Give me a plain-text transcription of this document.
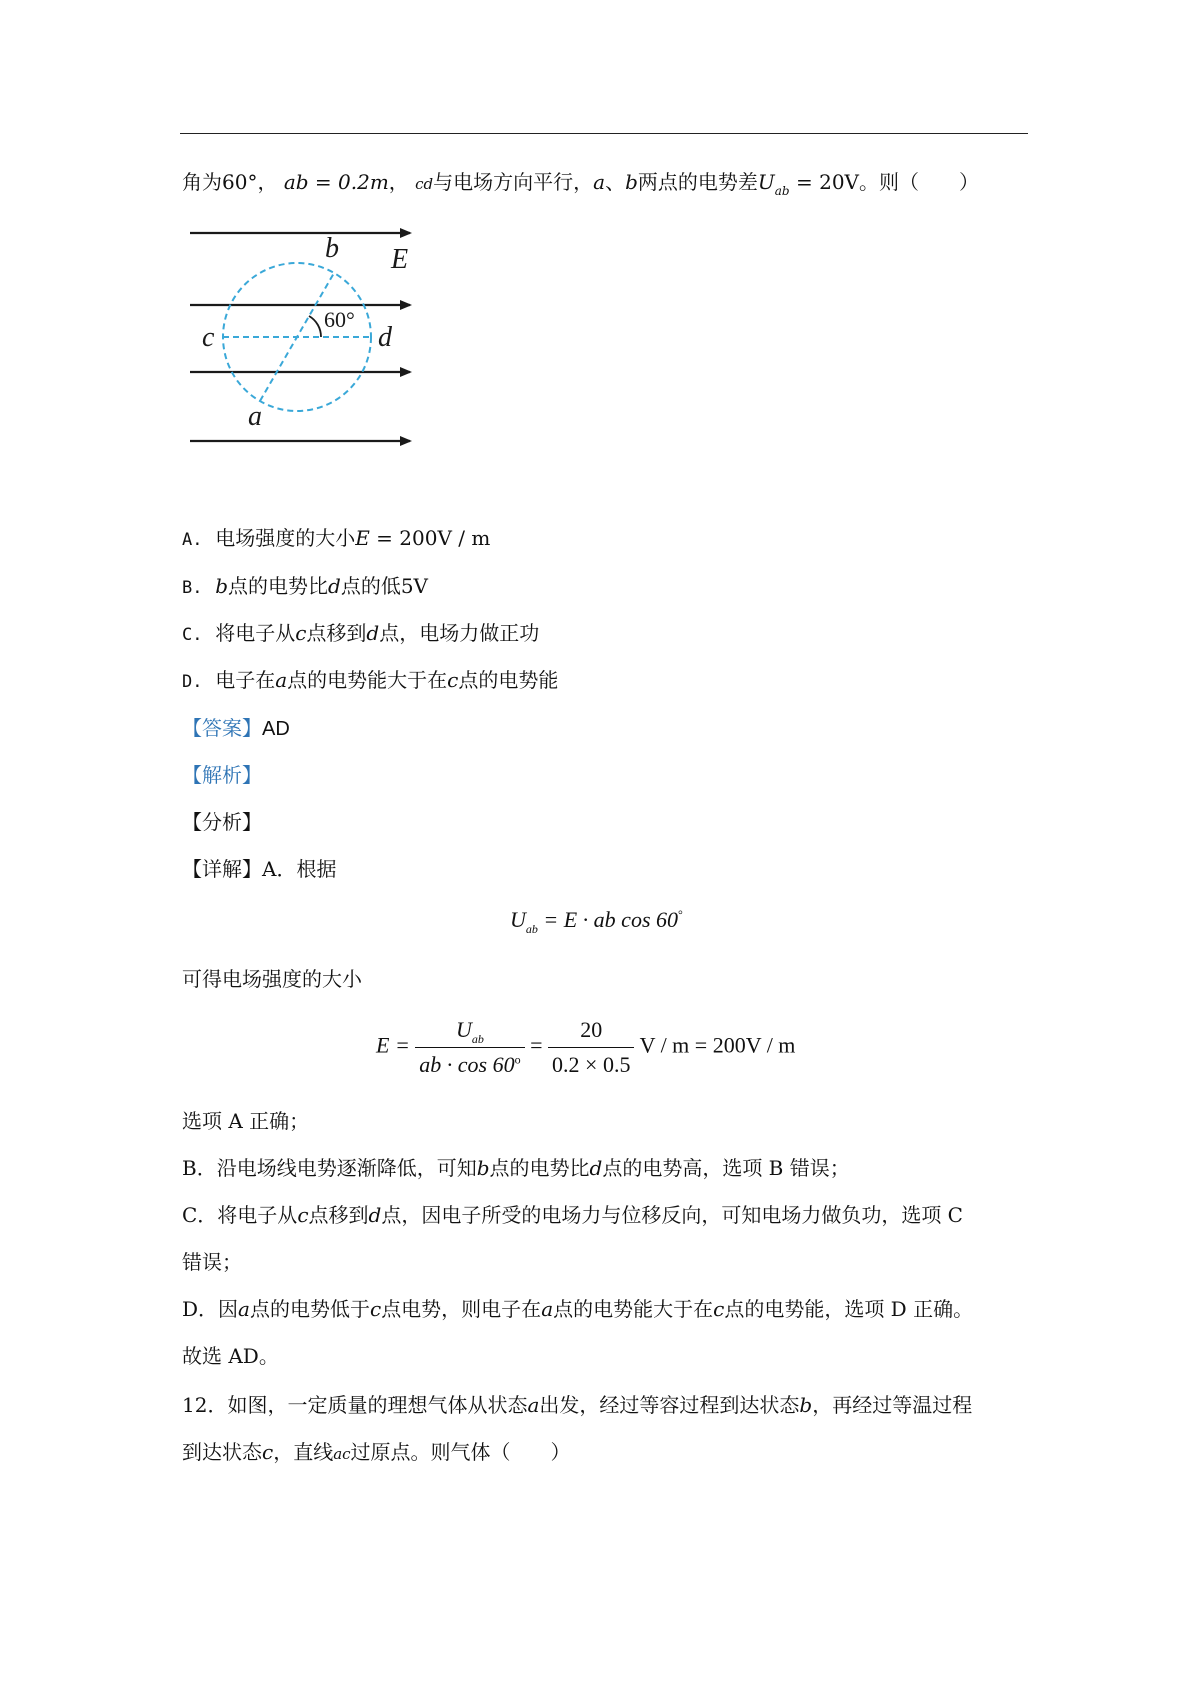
角为60°， ab = 0.2m， cd与电场方向平行，a、b两点的电势差$U_{ab} = 20V$。则（　　）
b E
60°
c	d
a
A. 电场强度的大小E = 200V / m
B. b点的电势比d点的低5V
C. 将电子从c点移到d点，电场力做正功
D. 电子在a点的电势能大于在c点的电势能
【答案】AD
【解析】
【分析】
【详解】A．根据
$U_{ab} = E$ · ab cos 60°
可得电场强度的大小
$E = \frac{U_{ab}}{ab \cdot \cos 60^o} = \frac{20}{0.2 \times 0.5}$ V / m = 200V / m
选项 A 正确；
B．沿电场线电势逐渐降低，可知b点的电势比d点的电势高，选项 B 错误；
C．将电子从c点移到d点，因电子所受的电场力与位移反向，可知电场力做负功，选项 C
错误；
D．因a点的电势低于c点电势，则电子在a点的电势能大于在c点的电势能，选项 D 正确。
故选 AD。
12．如图，一定质量的理想气体从状态a出发，经过等容过程到达状态b，再经过等温过程
到达状态c，直线ac过原点。则气体（　　）
